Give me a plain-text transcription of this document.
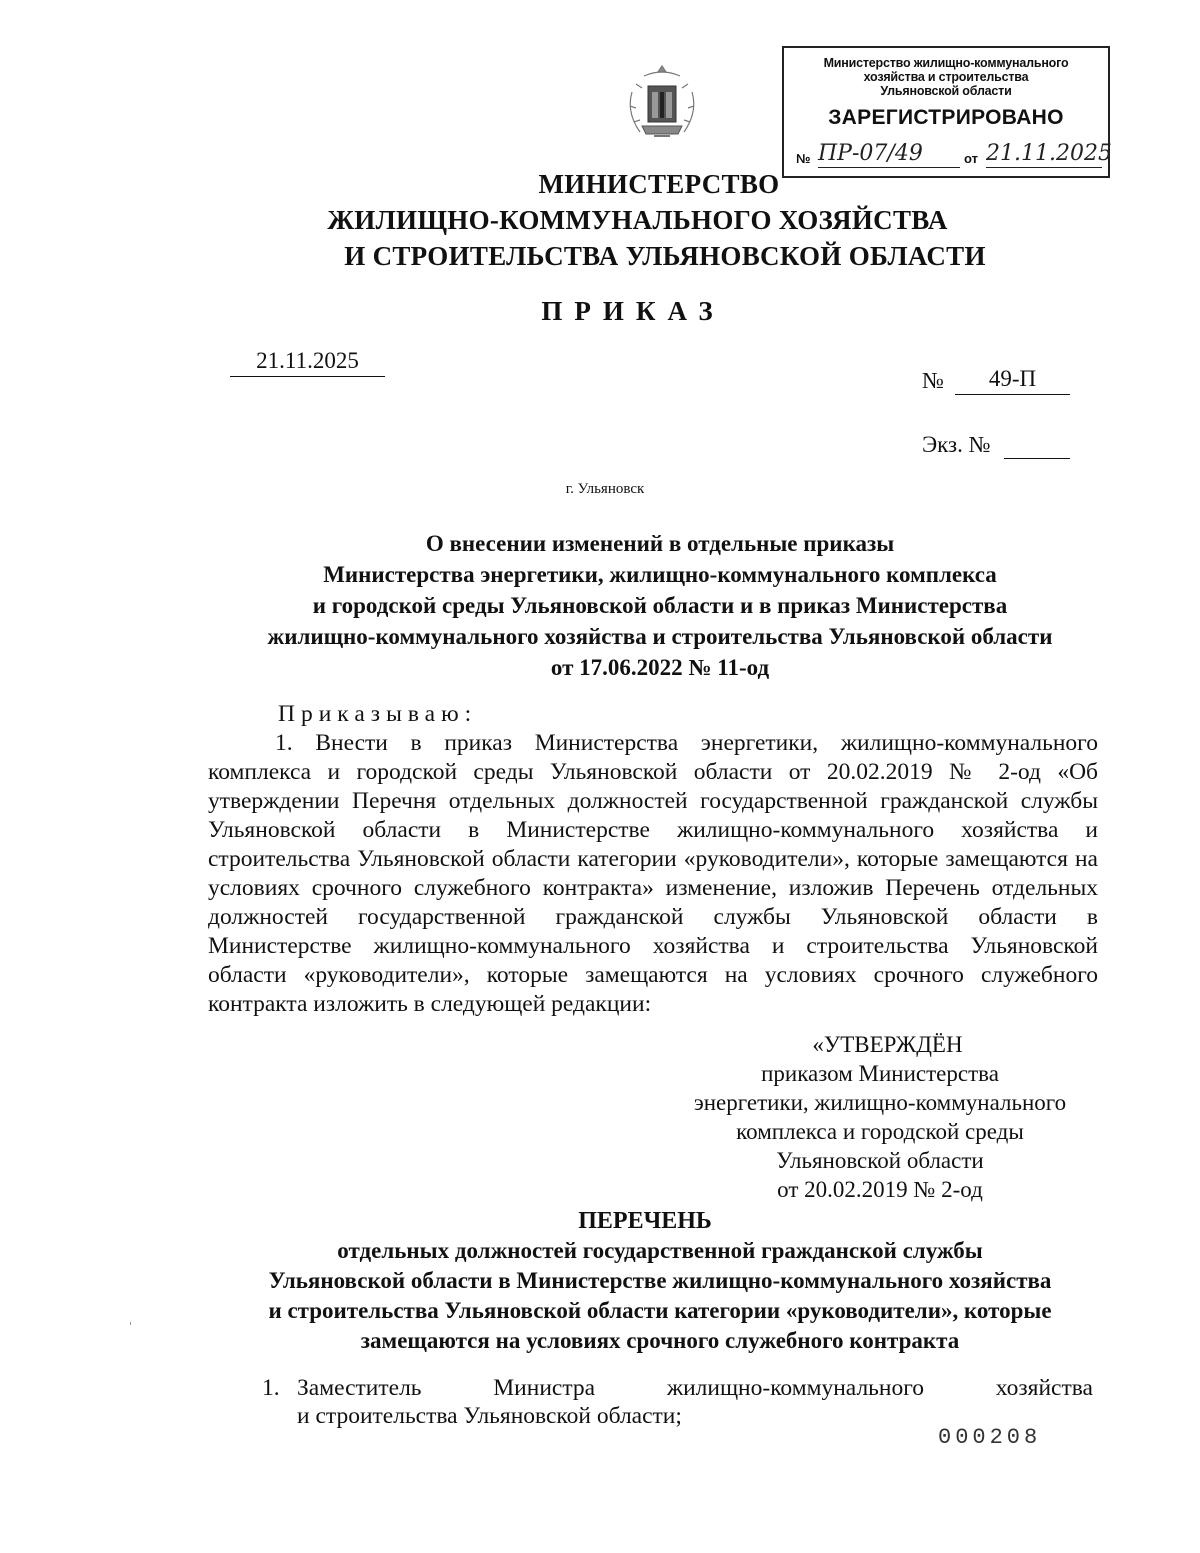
Министерство жилищно-коммунального
хозяйства и строительства
Ульяновской области
ЗАРЕГИСТРИРОВАНО
№ ПР-07/49	от 21.11.2025
МИНИСТЕРСТВО
ЖИЛИЩНО-КОММУНАЛЬНОГО ХОЗЯЙСТВА
И СТРОИТЕЛЬСТВА УЛЬЯНОВСКОЙ ОБЛАСТИ
ПРИКАЗ
21.11.2025
№	49-П
Экз. №
г. Ульяновск
О внесении изменений в отдельные приказы
Министерства энергетики, жилищно-коммунального комплекса
и городской среды Ульяновской области и в приказ Министерства
жилищно-коммунального хозяйства и строительства Ульяновской области
от 17.06.2022 № 11-од
Приказываю:
1. Внести в приказ Министерства энергетики, жилищно-коммунального комплекса и городской среды Ульяновской области от 20.02.2019 № 2-од «Об утверждении Перечня отдельных должностей государственной гражданской службы Ульяновской области в Министерстве жилищно-коммунального хозяйства и строительства Ульяновской области категории «руководители», которые замещаются на условиях срочного служебного контракта» изменение, изложив Перечень отдельных должностей государственной гражданской службы Ульяновской области в Министерстве жилищно-коммунального хозяйства и строительства Ульяновской области «руководители», которые замещаются на условиях срочного служебного контракта изложить в следующей редакции:
«УТВЕРЖДЁН
приказом Министерства
энергетики, жилищно-коммунального
комплекса и городской среды
Ульяновской области
от 20.02.2019 № 2-од
ПЕРЕЧЕНЬ
отдельных должностей государственной гражданской службы
Ульяновской области в Министерстве жилищно-коммунального хозяйства
и строительства Ульяновской области категории «руководители», которые
замещаются на условиях срочного служебного контракта
1. Заместитель	Министра	жилищно-коммунального	хозяйства
и строительства Ульяновской области;
000208
